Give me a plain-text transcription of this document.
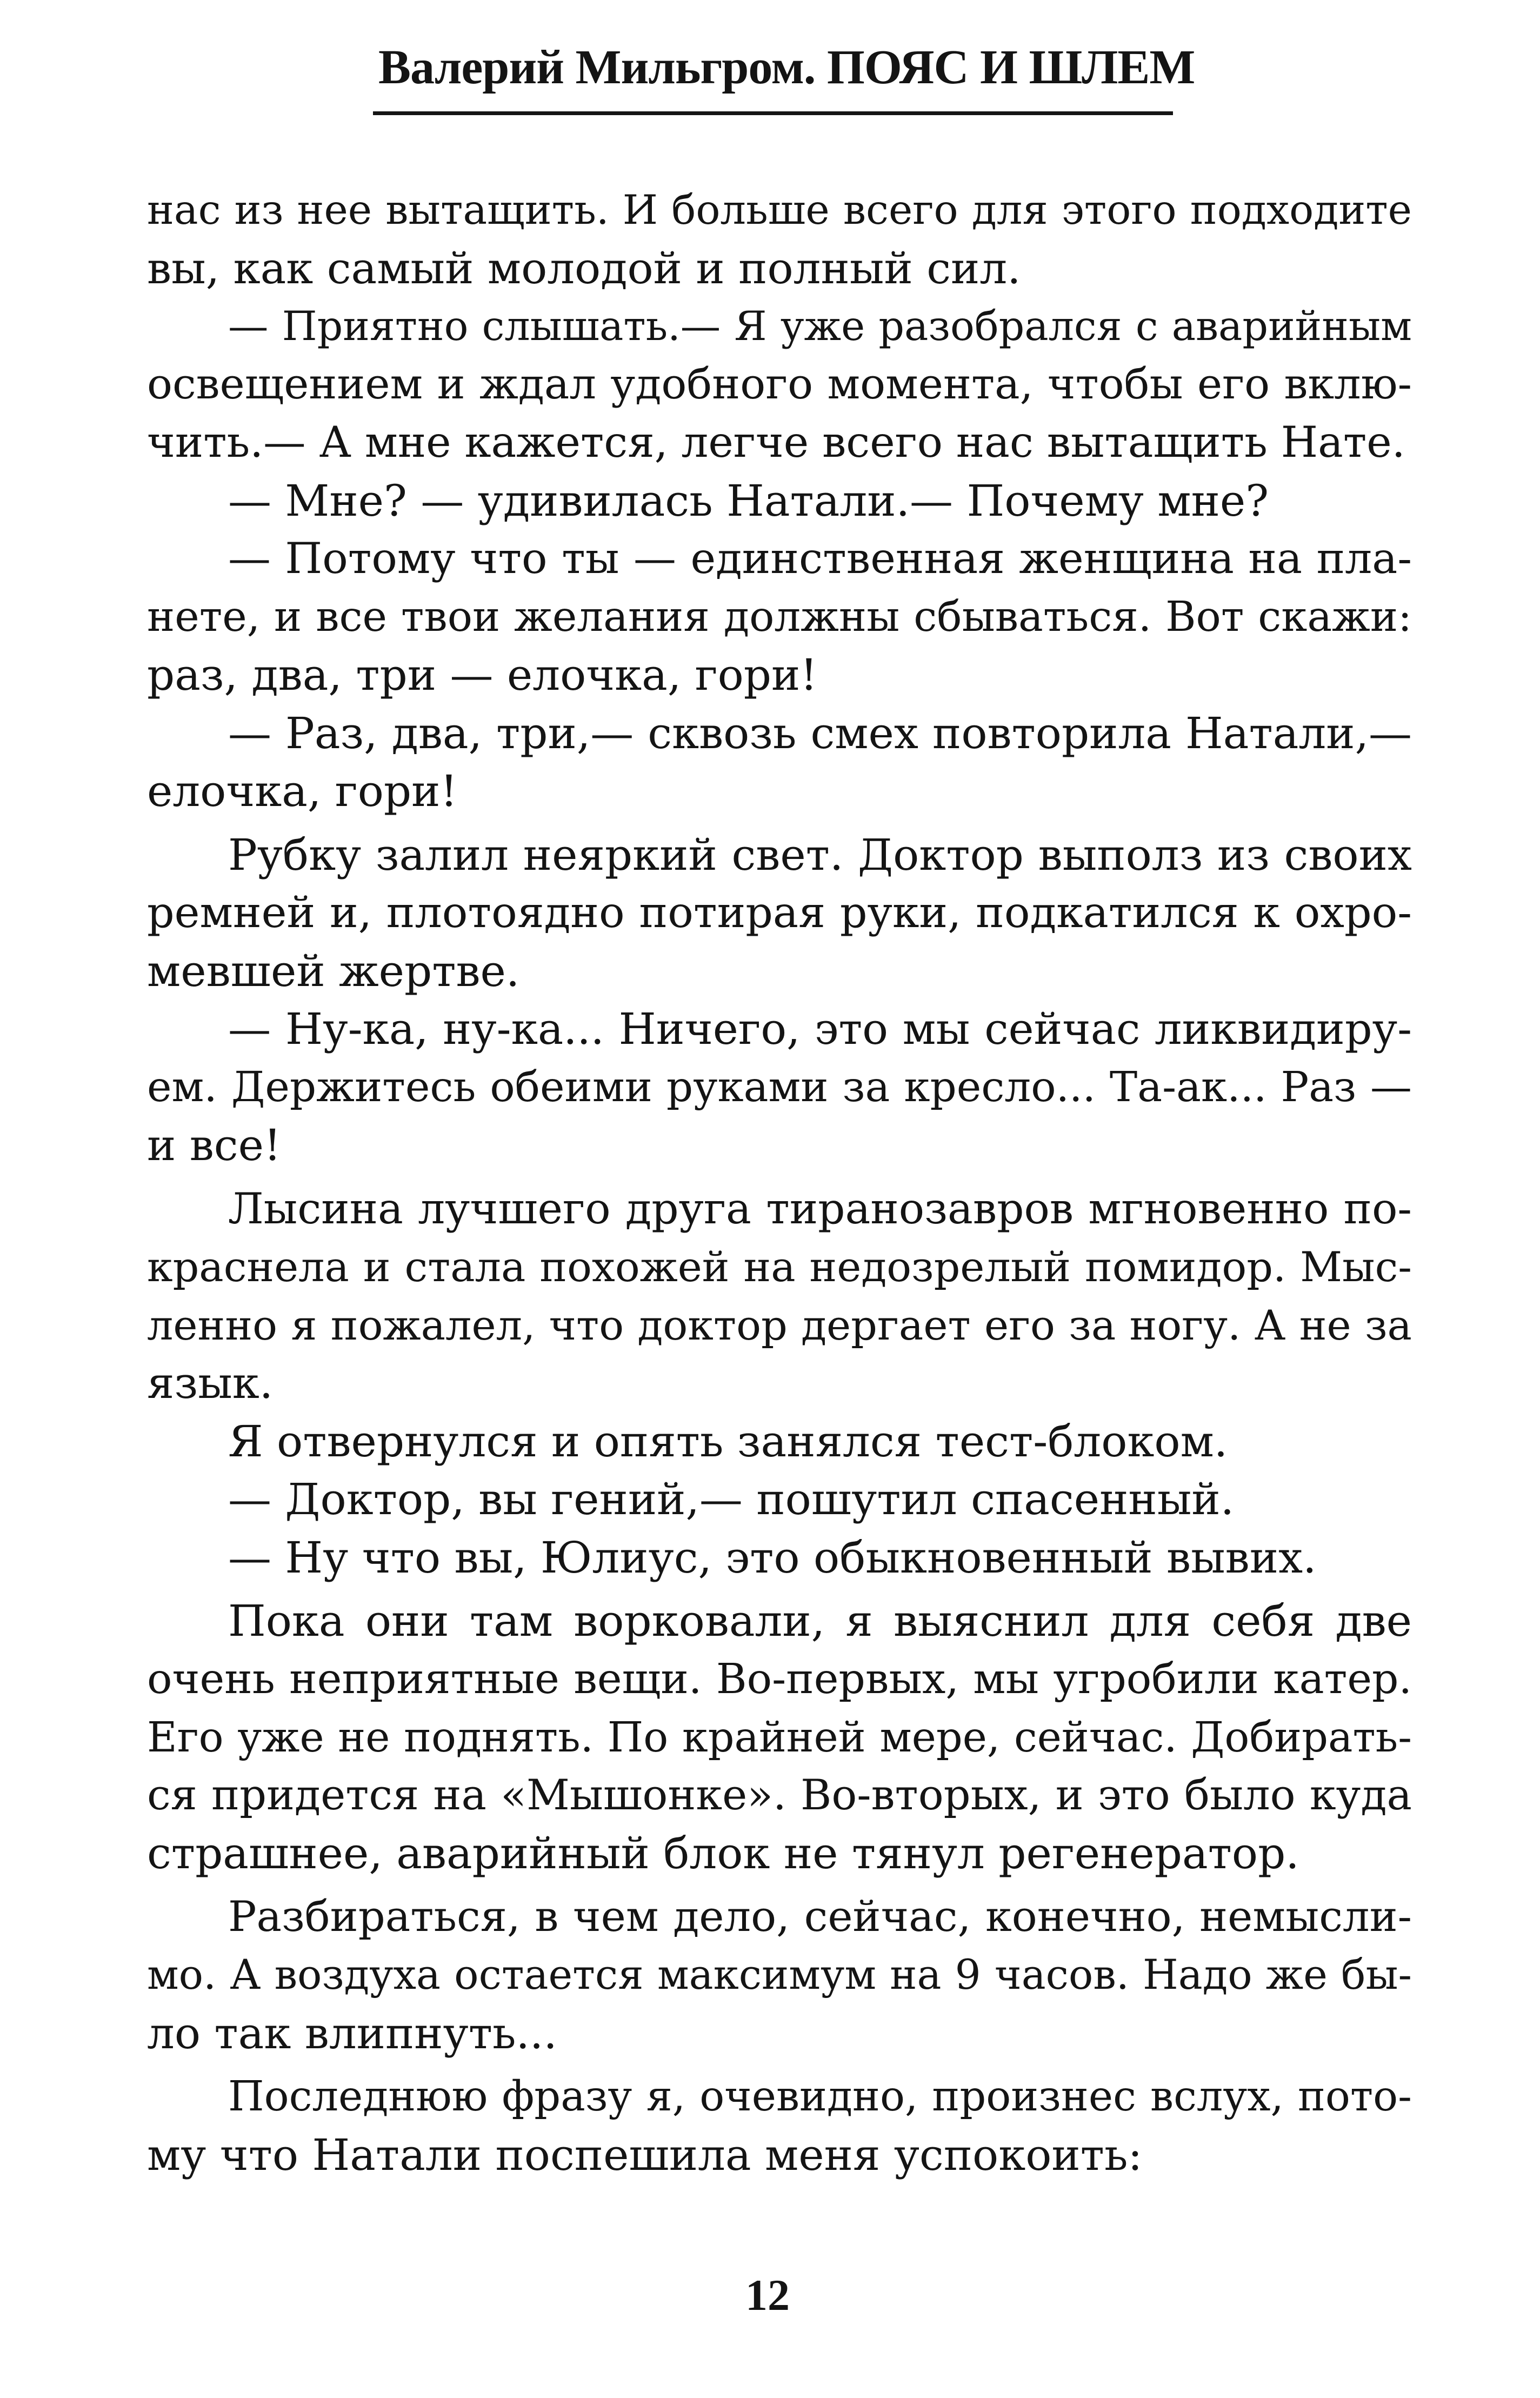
Валерий Мильгром. ПОЯС И ШЛЕМ
нас из нее вытащить. И больше всего для этого подходите
вы, как самый молодой и полный сил.
— Приятно слышать.— Я уже разобрался с аварийным
освещением и ждал удобного момента, чтобы его вклю-
чить.— А мне кажется, легче всего нас вытащить Нате.
— Мне? — удивилась Натали.— Почему мне?
— Потому что ты — единственная женщина на пла-
нете, и все твои желания должны сбываться. Вот скажи:
раз, два, три — елочка, гори!
— Раз, два, три,— сквозь смех повторила Натали,—
елочка, гори!
Рубку залил неяркий свет. Доктор выполз из своих
ремней и, плотоядно потирая руки, подкатился к охро-
мевшей жертве.
— Ну-ка, ну-ка... Ничего, это мы сейчас ликвидиру-
ем. Держитесь обеими руками за кресло... Та-ак... Раз —
и все!
Лысина лучшего друга тиранозавров мгновенно по-
краснела и стала похожей на недозрелый помидор. Мыс-
ленно я пожалел, что доктор дергает его за ногу. А не за
язык.
Я отвернулся и опять занялся тест-блоком.
— Доктор, вы гений,— пошутил спасенный.
— Ну что вы, Юлиус, это обыкновенный вывих.
Пока они там ворковали, я выяснил для себя две
очень неприятные вещи. Во-первых, мы угробили катер.
Его уже не поднять. По крайней мере, сейчас. Добирать-
ся придется на «Мышонке». Во-вторых, и это было куда
страшнее, аварийный блок не тянул регенератор.
Разбираться, в чем дело, сейчас, конечно, немысли-
мо. А воздуха остается максимум на 9 часов. Надо же бы-
ло так влипнуть...
Последнюю фразу я, очевидно, произнес вслух, пото-
му что Натали поспешила меня успокоить:
12
